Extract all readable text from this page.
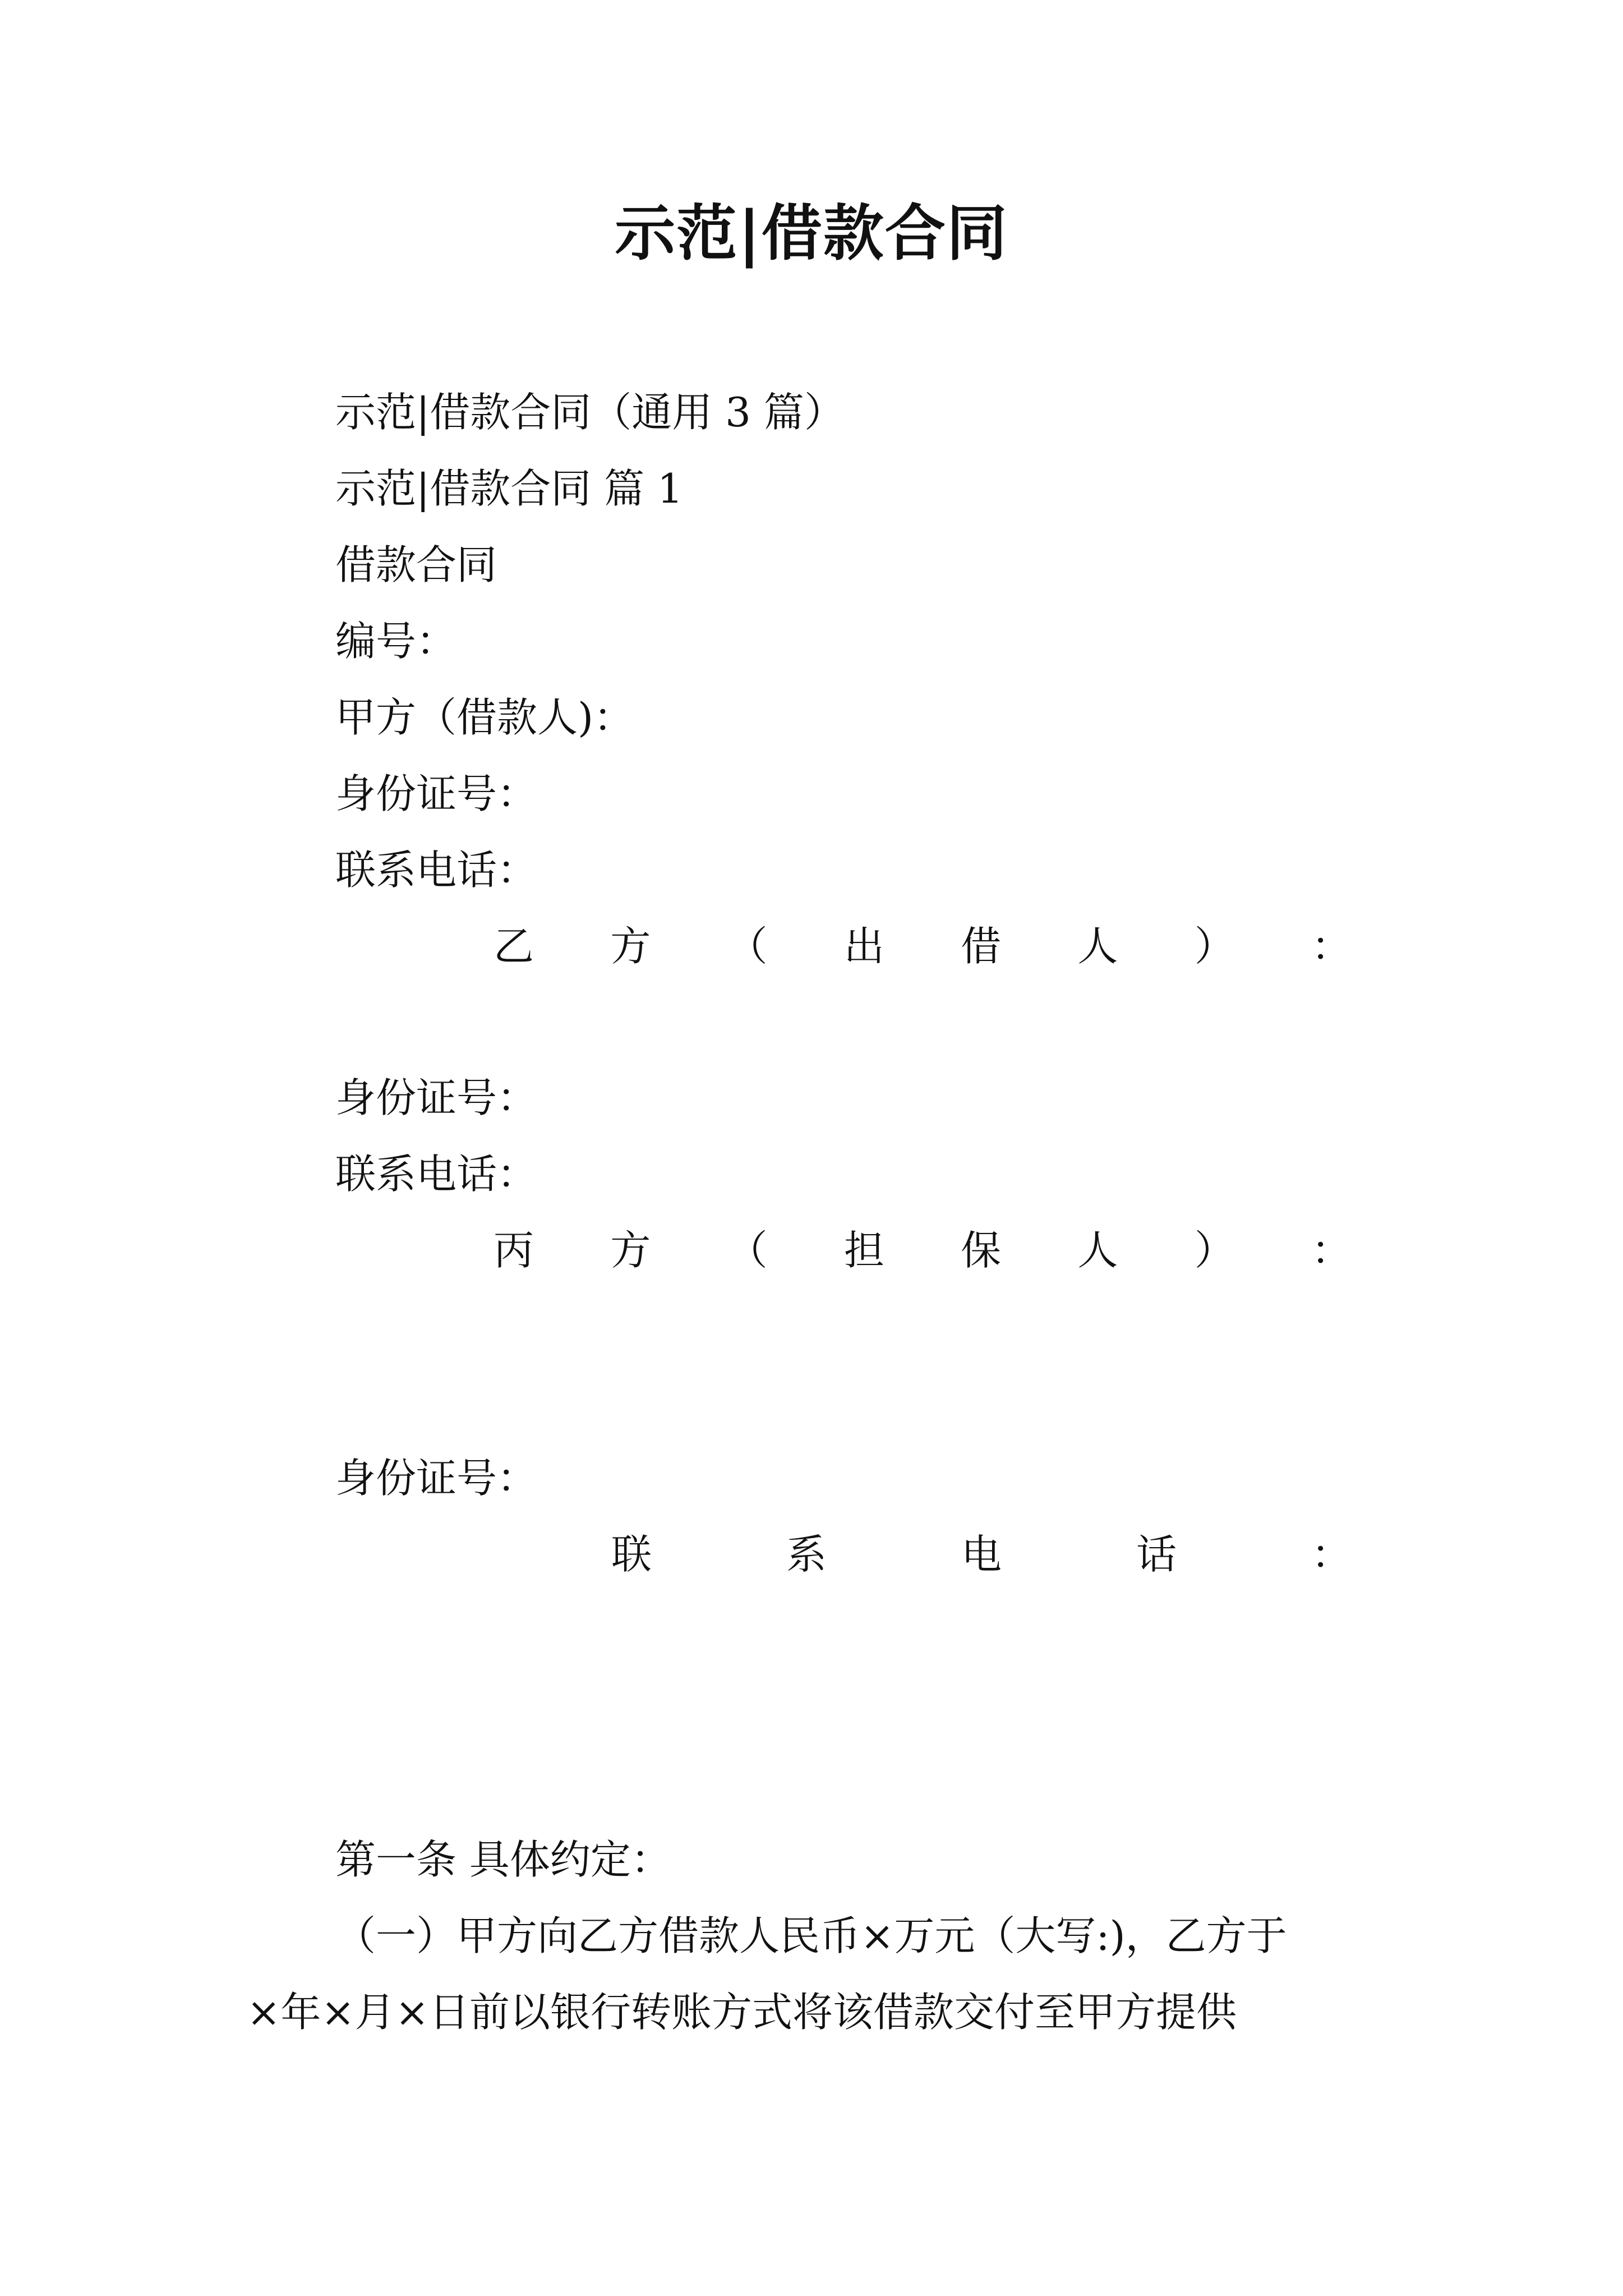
示范|借款合同
示范|借款合同（通用 3 篇）
示范|借款合同 篇 1
借款合同
编号：
甲方（借款人)：
身份证号：
联系电话：
乙 方 （ 出 借 人 ） ：
身份证号：
联系电话：
丙 方 （ 担 保 人 ） ：
身份证号：
联	系	电	话	：
第一条 具体约定：
（一）甲方向乙方借款人民币×万元（大写:)，乙方于
×年×月×日前以银行转账方式将该借款交付至甲方提供
